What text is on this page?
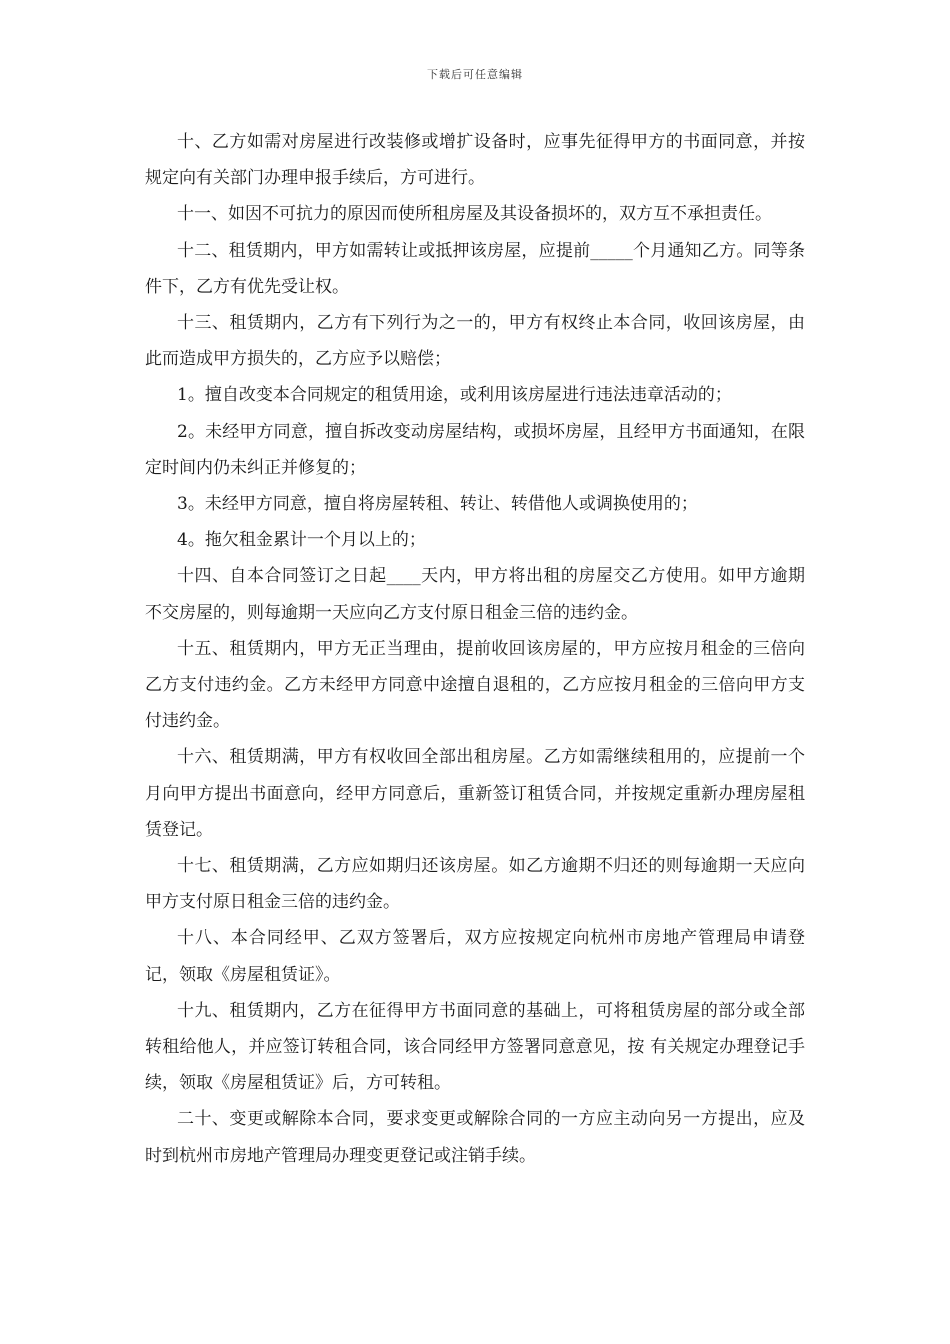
下载后可任意编辑

十、乙方如需对房屋进行改装修或增扩设备时，应事先征得甲方的书面同意，并按规定向有关部门办理申报手续后，方可进行。

十一、如因不可抗力的原因而使所租房屋及其设备损坏的，双方互不承担责任。

十二、租赁期内，甲方如需转让或抵押该房屋，应提前_____个月通知乙方。同等条件下，乙方有优先受让权。

十三、租赁期内，乙方有下列行为之一的，甲方有权终止本合同，收回该房屋，由此而造成甲方损失的，乙方应予以赔偿；

1。擅自改变本合同规定的租赁用途，或利用该房屋进行违法违章活动的；

2。未经甲方同意，擅自拆改变动房屋结构，或损坏房屋，且经甲方书面通知，在限定时间内仍未纠正并修复的；

3。未经甲方同意，擅自将房屋转租、转让、转借他人或调换使用的；

4。拖欠租金累计一个月以上的；

十四、自本合同签订之日起____天内，甲方将出租的房屋交乙方使用。如甲方逾期不交房屋的，则每逾期一天应向乙方支付原日租金三倍的违约金。

十五、租赁期内，甲方无正当理由，提前收回该房屋的，甲方应按月租金的三倍向乙方支付违约金。乙方未经甲方同意中途擅自退租的，乙方应按月租金的三倍向甲方支付违约金。

十六、租赁期满，甲方有权收回全部出租房屋。乙方如需继续租用的，应提前一个月向甲方提出书面意向，经甲方同意后，重新签订租赁合同，并按规定重新办理房屋租赁登记。

十七、租赁期满，乙方应如期归还该房屋。如乙方逾期不归还的则每逾期一天应向甲方支付原日租金三倍的违约金。

十八、本合同经甲、乙双方签署后，双方应按规定向杭州市房地产管理局申请登记，领取《房屋租赁证》。

十九、租赁期内，乙方在征得甲方书面同意的基础上，可将租赁房屋的部分或全部转租给他人，并应签订转租合同，该合同经甲方签署同意意见，按 有关规定办理登记手续，领取《房屋租赁证》后，方可转租。

二十、变更或解除本合同，要求变更或解除合同的一方应主动向另一方提出，应及时到杭州市房地产管理局办理变更登记或注销手续。
